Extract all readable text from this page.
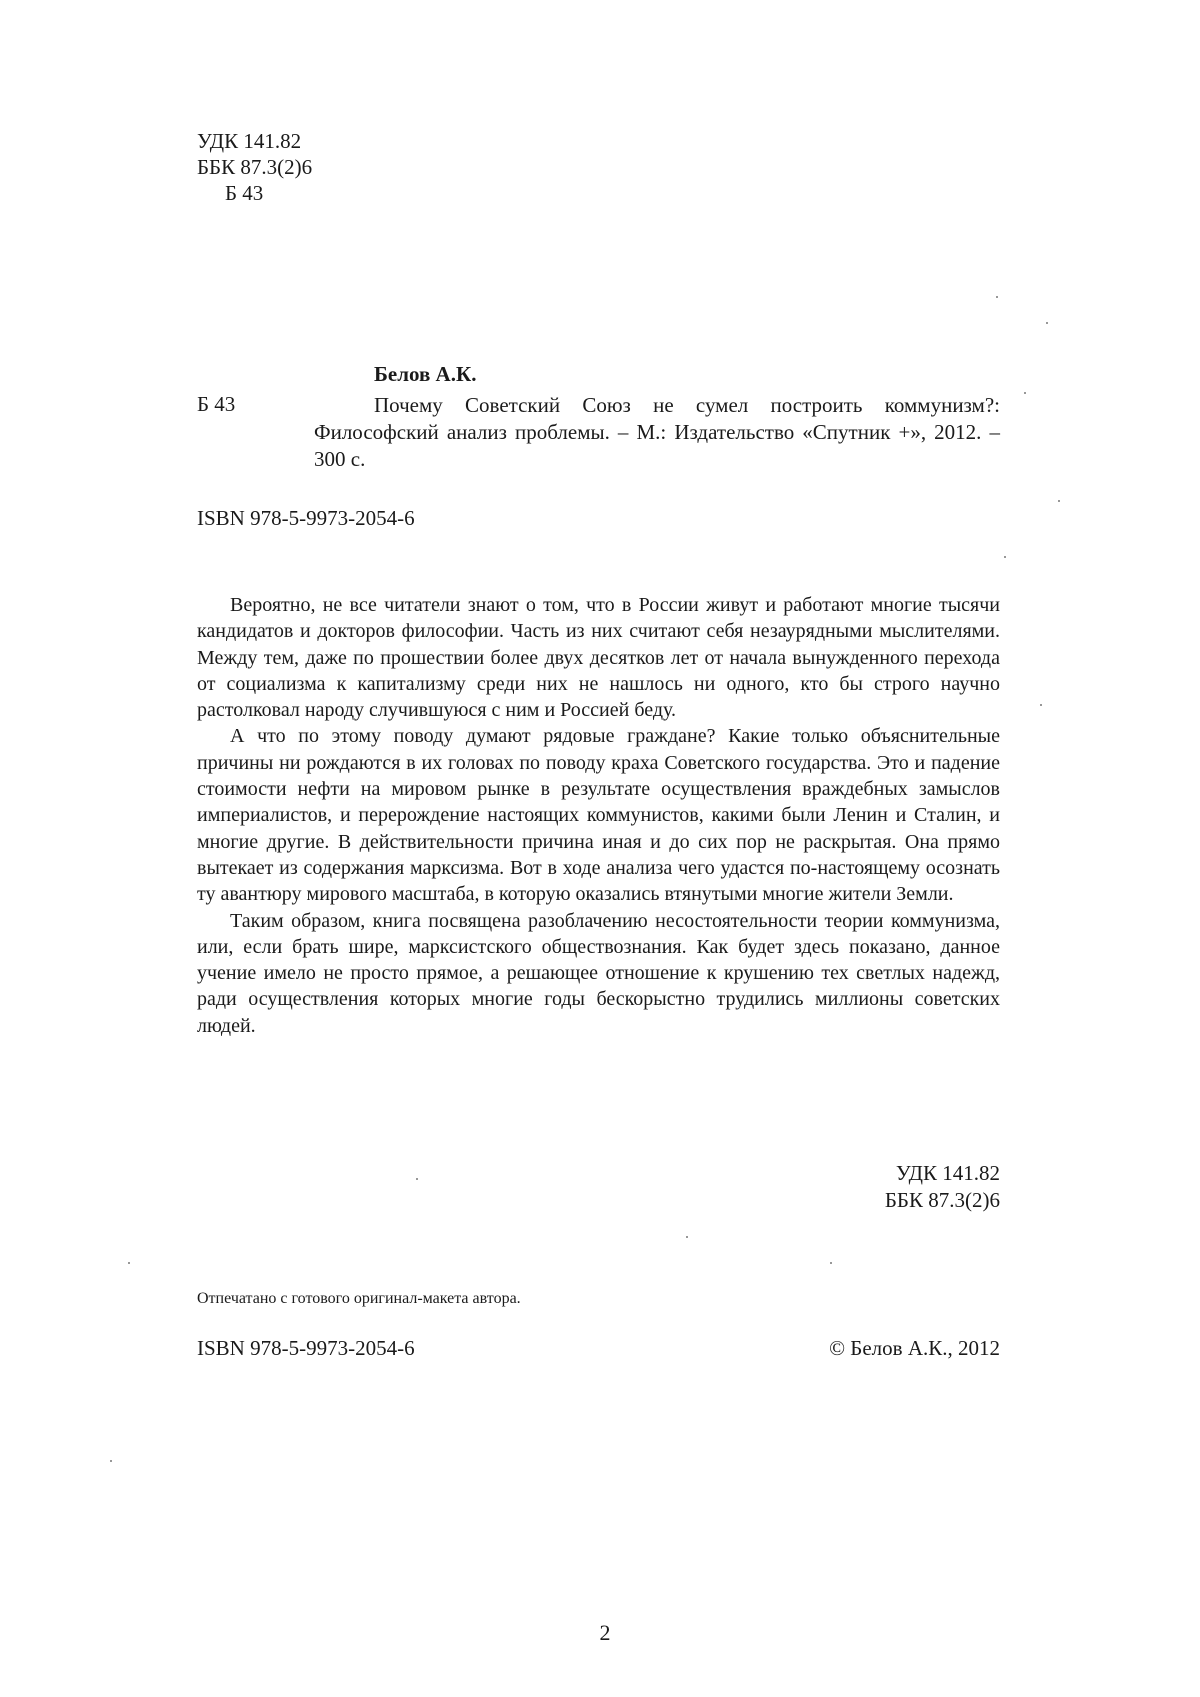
УДК 141.82
ББК 87.3(2)6
Б 43
Белов А.К.
Б 43	Почему Советский Союз не сумел построить коммунизм?: Философский анализ проблемы. – М.: Издательство «Спутник +», 2012. – 300 с.
ISBN 978-5-9973-2054-6

Вероятно, не все читатели знают о том, что в России живут и работают многие тысячи кандидатов и докторов философии. Часть из них считают себя незаурядными мыслителями. Между тем, даже по прошествии более двух десятков лет от начала вынужденного перехода от социализма к капитализму среди них не нашлось ни одного, кто бы строго научно растолковал народу случившуюся с ним и Россией беду.

А что по этому поводу думают рядовые граждане? Какие только объяснительные причины ни рождаются в их головах по поводу краха Советского государства. Это и падение стоимости нефти на мировом рынке в результате осуществления враждебных замыслов империалистов, и перерождение настоящих коммунистов, какими были Ленин и Сталин, и многие другие. В действительности причина иная и до сих пор не раскрытая. Она прямо вытекает из содержания марксизма. Вот в ходе анализа чего удастся по-настоящему осознать ту авантюру мирового масштаба, в которую оказались втянутыми многие жители Земли.

Таким образом, книга посвящена разоблачению несостоятельности теории коммунизма, или, если брать шире, марксистского обществознания. Как будет здесь показано, данное учение имело не просто прямое, а решающее отношение к крушению тех светлых надежд, ради осуществления которых многие годы бескорыстно трудились миллионы советских людей.

УДК 141.82
ББК 87.3(2)6
Отпечатано с готового оригинал-макета автора.
ISBN 978-5-9973-2054-6	© Белов А.К., 2012
2
